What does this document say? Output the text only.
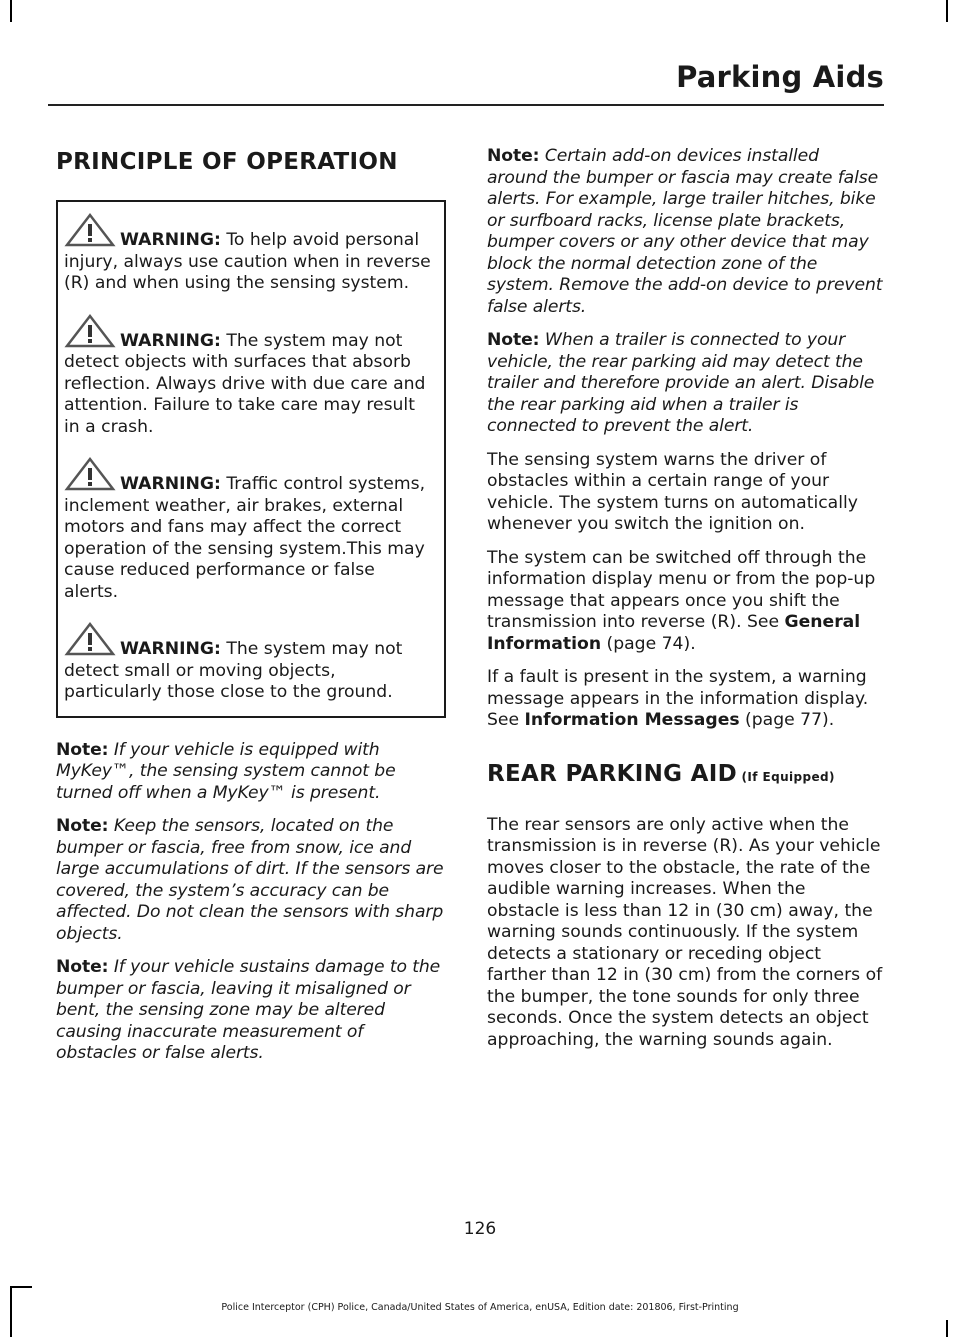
Parking Aids
PRINCIPLE OF OPERATION
WARNING: To help avoid personal injury, always use caution when in reverse (R) and when using the sensing system.
WARNING: The system may not detect objects with surfaces that absorb reflection. Always drive with due care and attention. Failure to take care may result in a crash.
WARNING: Traffic control systems, inclement weather, air brakes, external motors and fans may affect the correct operation of the sensing system.This may cause reduced performance or false alerts.
WARNING: The system may not detect small or moving objects, particularly those close to the ground.

Note: If your vehicle is equipped with MyKey™, the sensing system cannot be turned off when a MyKey™ is present.

Note: Keep the sensors, located on the bumper or fascia, free from snow, ice and large accumulations of dirt. If the sensors are covered, the system’s accuracy can be affected. Do not clean the sensors with sharp objects.

Note: If your vehicle sustains damage to the bumper or fascia, leaving it misaligned or bent, the sensing zone may be altered causing inaccurate measurement of obstacles or false alerts.

Note: Certain add-on devices installed around the bumper or fascia may create false alerts. For example, large trailer hitches, bike or surfboard racks, license plate brackets, bumper covers or any other device that may block the normal detection zone of the system. Remove the add-on device to prevent false alerts.

Note: When a trailer is connected to your vehicle, the rear parking aid may detect the trailer and therefore provide an alert. Disable the rear parking aid when a trailer is connected to prevent the alert.

The sensing system warns the driver of obstacles within a certain range of your vehicle. The system turns on automatically whenever you switch the ignition on.

The system can be switched off through the information display menu or from the pop-up message that appears once you shift the transmission into reverse (R). See General Information (page 74).

If a fault is present in the system, a warning message appears in the information display. See Information Messages (page 77).

REAR PARKING AID (If Equipped)

The rear sensors are only active when the transmission is in reverse (R). As your vehicle moves closer to the obstacle, the rate of the audible warning increases. When the obstacle is less than 12 in (30 cm) away, the warning sounds continuously. If the system detects a stationary or receding object farther than 12 in (30 cm) from the corners of the bumper, the tone sounds for only three seconds. Once the system detects an object approaching, the warning sounds again.

126
Police Interceptor (CPH) Police, Canada/United States of America, enUSA, Edition date: 201806, First-Printing
